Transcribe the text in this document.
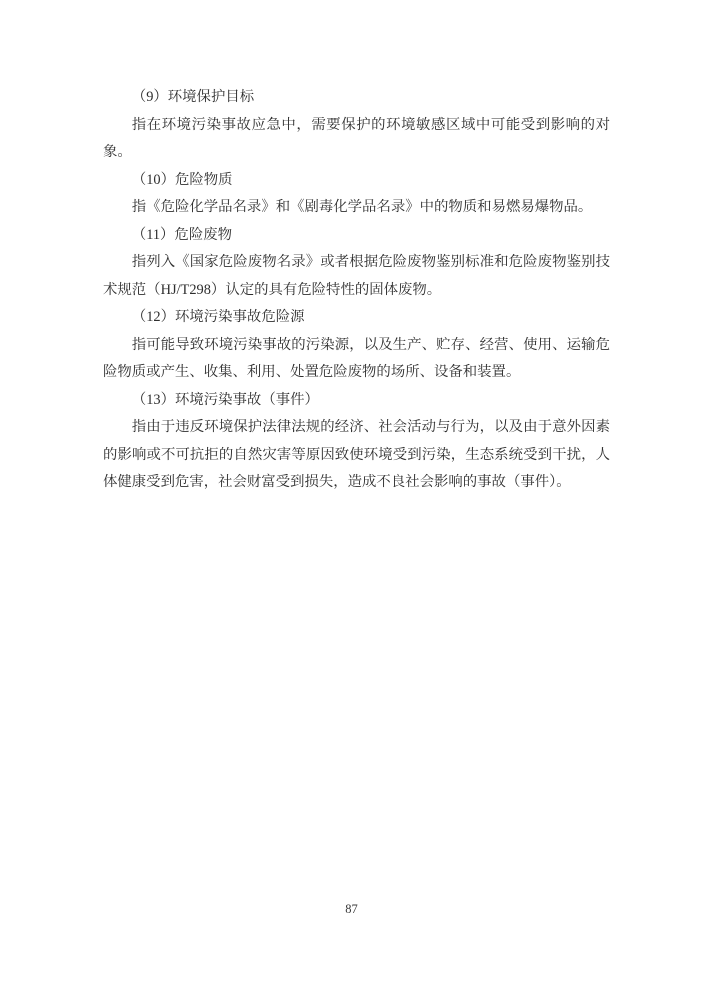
（9）环境保护目标

指在环境污染事故应急中，需要保护的环境敏感区域中可能受到影响的对象。

（10）危险物质

指《危险化学品名录》和《剧毒化学品名录》中的物质和易燃易爆物品。

（11）危险废物

指列入《国家危险废物名录》或者根据危险废物鉴别标准和危险废物鉴别技术规范（HJ/T298）认定的具有危险特性的固体废物。

（12）环境污染事故危险源

指可能导致环境污染事故的污染源，以及生产、贮存、经营、使用、运输危险物质或产生、收集、利用、处置危险废物的场所、设备和装置。

（13）环境污染事故（事件）

指由于违反环境保护法律法规的经济、社会活动与行为，以及由于意外因素的影响或不可抗拒的自然灾害等原因致使环境受到污染，生态系统受到干扰，人体健康受到危害，社会财富受到损失，造成不良社会影响的事故（事件）。

87
